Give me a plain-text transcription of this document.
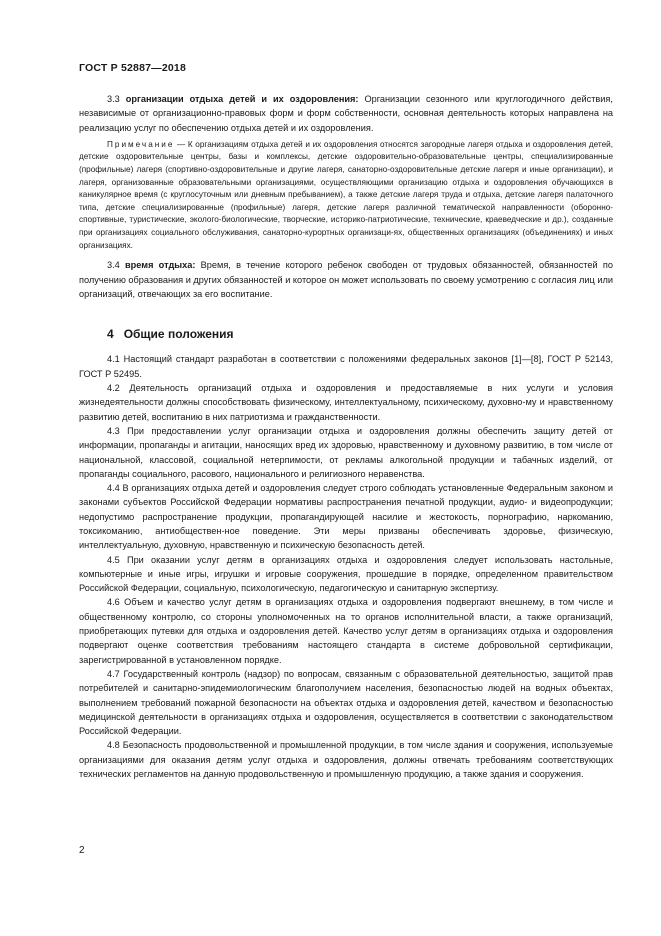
ГОСТ Р 52887—2018

3.3 организации отдыха детей и их оздоровления: Организации сезонного или круглогодичного действия, независимые от организационно-правовых форм и форм собственности, основная деятельность которых направлена на реализацию услуг по обеспечению отдыха детей и их оздоровления.

Примечание — К организациям отдыха детей и их оздоровления относятся загородные лагеря отдыха и оздоровления детей, детские оздоровительные центры, базы и комплексы, детские оздоровительно-образовательные центры, специализированные (профильные) лагеря (спортивно-оздоровительные и другие лагеря, санаторно-оздоровительные детские лагеря и иные организации), и лагеря, организованные образовательными организациями, осуществляющими организацию отдыха и оздоровления обучающихся в каникулярное время (с круглосуточным или дневным пребыванием), а также детские лагеря труда и отдыха, детские лагеря палаточного типа, детские специализированные (профильные) лагеря, детские лагеря различной тематической направленности (оборонно-спортивные, туристические, эколого-биологические, творческие, историко-патриотические, технические, краеведческие и др.), созданные при организациях социального обслуживания, санаторно-курортных организаци-ях, общественных организациях (объединениях) и иных организациях.

3.4 время отдыха: Время, в течение которого ребенок свободен от трудовых обязанностей, обязанностей по получению образования и других обязанностей и которое он может использовать по своему усмотрению с согласия лиц или организаций, отвечающих за его воспитание.

4 Общие положения

4.1 Настоящий стандарт разработан в соответствии с положениями федеральных законов [1]—[8], ГОСТ Р 52143, ГОСТ Р 52495.

4.2 Деятельность организаций отдыха и оздоровления и предоставляемые в них услуги и условия жизнедеятельности должны способствовать физическому, интеллектуальному, психическому, духовно-му и нравственному развитию детей, воспитанию в них патриотизма и гражданственности.

4.3 При предоставлении услуг организации отдыха и оздоровления должны обеспечить защиту детей от информации, пропаганды и агитации, наносящих вред их здоровью, нравственному и духовному развитию, в том числе от национальной, классовой, социальной нетерпимости, от рекламы алкогольной продукции и табачных изделий, от пропаганды социального, расового, национального и религиозного неравенства.

4.4 В организациях отдыха детей и оздоровления следует строго соблюдать установленные Федеральным законом и законами субъектов Российской Федерации нормативы распространения печатной продукции, аудио- и видеопродукции; недопустимо распространение продукции, пропагандирующей насилие и жестокость, порнографию, наркоманию, токсикоманию, антиобществен-ное поведение. Эти меры призваны обеспечивать здоровье, физическую, интеллектуальную, духовную, нравственную и психическую безопасность детей.

4.5 При оказании услуг детям в организациях отдыха и оздоровления следует использовать настольные, компьютерные и иные игры, игрушки и игровые сооружения, прошедшие в порядке, определенном правительством Российской Федерации, социальную, психологическую, педагогическую и санитарную экспертизу.

4.6 Объем и качество услуг детям в организациях отдыха и оздоровления подвергают внешнему, в том числе и общественному контролю, со стороны уполномоченных на то органов исполнительной власти, а также организаций, приобретающих путевки для отдыха и оздоровления детей. Качество услуг детям в организациях отдыха и оздоровления подвергают оценке соответствия требованиям настоящего стандарта в системе добровольной сертификации, зарегистрированной в установленном порядке.

4.7 Государственный контроль (надзор) по вопросам, связанным с образовательной деятельностью, защитой прав потребителей и санитарно-эпидемиологическим благополучием населения, безопасностью людей на водных объектах, выполнением требований пожарной безопасности на объектах отдыха и оздоровления детей, качеством и безопасностью медицинской деятельности в организациях отдыха и оздоровления, осуществляется в соответствии с законодательством Российской Федерации.

4.8 Безопасность продовольственной и промышленной продукции, в том числе здания и сооружения, используемые организациями для оказания детям услуг отдыха и оздоровления, должны отвечать требованиям соответствующих технических регламентов на данную продовольственную и промышленную продукцию, а также здания и сооружения.

2
